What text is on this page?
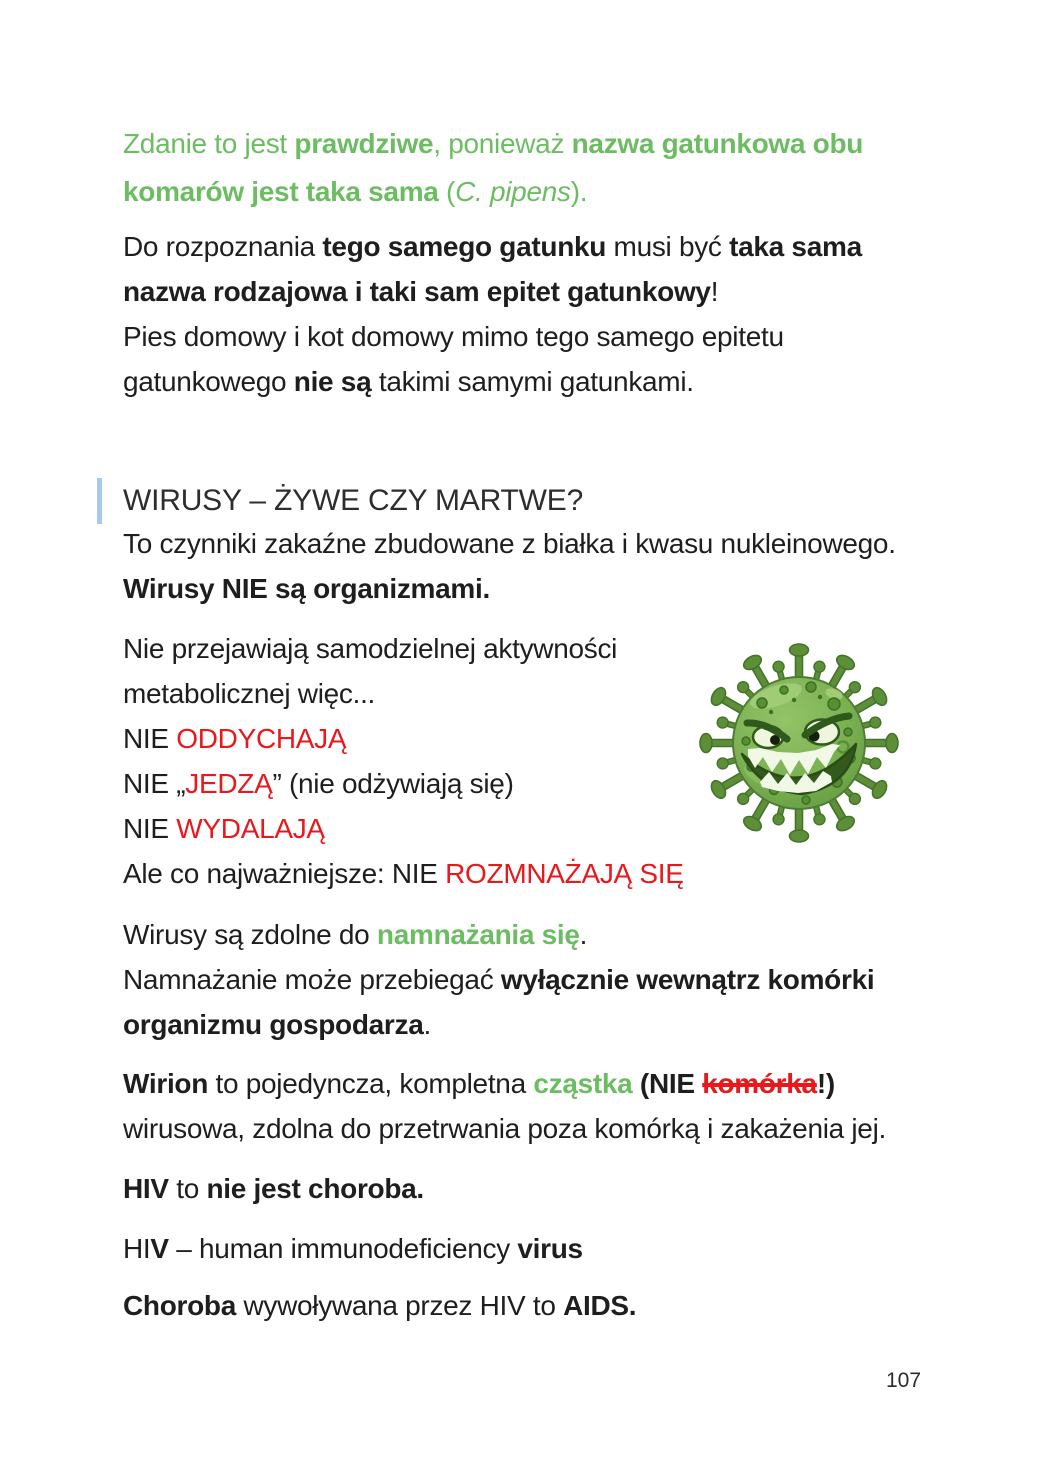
Zdanie to jest prawdziwe, ponieważ nazwa gatunkowa obu
komarów jest taka sama (C. pipens).

Do rozpoznania tego samego gatunku musi być taka sama
nazwa rodzajowa i taki sam epitet gatunkowy!
Pies domowy i kot domowy mimo tego samego epitetu
gatunkowego nie są takimi samymi gatunkami.

WIRUSY – ŻYWE CZY MARTWE?

To czynniki zakaźne zbudowane z białka i kwasu nukleinowego.
Wirusy NIE są organizmami.

Nie przejawiają samodzielnej aktywności
metabolicznej więc...
NIE ODDYCHAJĄ
NIE „JEDZĄ” (nie odżywiają się)
NIE WYDALAJĄ
Ale co najważniejsze: NIE ROZMNAŻAJĄ SIĘ

Wirusy są zdolne do namnażania się.
Namnażanie może przebiegać wyłącznie wewnątrz komórki
organizmu gospodarza.

Wirion to pojedyncza, kompletna cząstka (NIE komórka!)
wirusowa, zdolna do przetrwania poza komórką i zakażenia jej.

HIV to nie jest choroba.

HIV – human immunodeficiency virus

Choroba wywoływana przez HIV to AIDS.

107
